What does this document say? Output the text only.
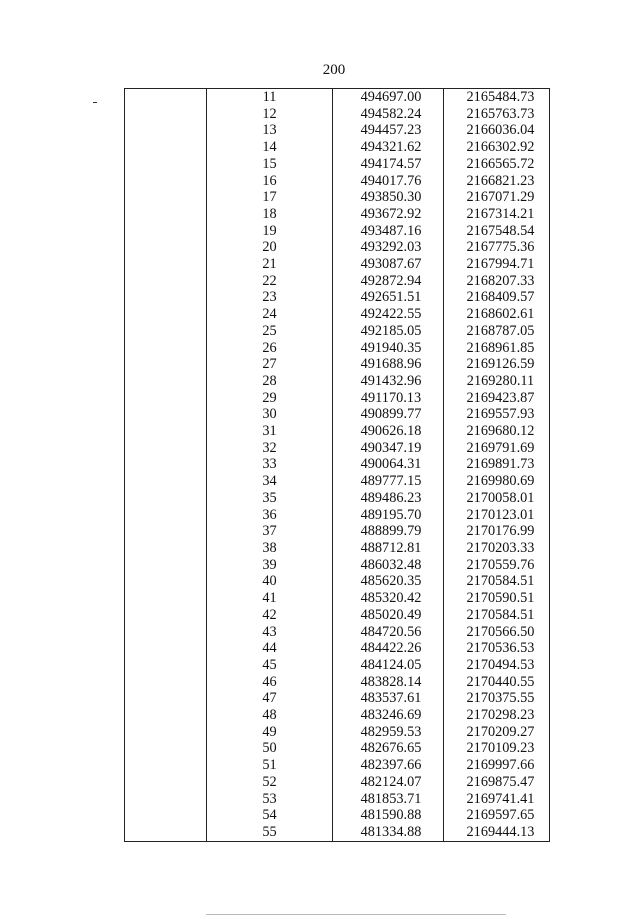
200
	11	494697.00	2165484.73
	12	494582.24	2165763.73
	13	494457.23	2166036.04
	14	494321.62	2166302.92
	15	494174.57	2166565.72
	16	494017.76	2166821.23
	17	493850.30	2167071.29
	18	493672.92	2167314.21
	19	493487.16	2167548.54
	20	493292.03	2167775.36
	21	493087.67	2167994.71
	22	492872.94	2168207.33
	23	492651.51	2168409.57
	24	492422.55	2168602.61
	25	492185.05	2168787.05
	26	491940.35	2168961.85
	27	491688.96	2169126.59
	28	491432.96	2169280.11
	29	491170.13	2169423.87
	30	490899.77	2169557.93
	31	490626.18	2169680.12
	32	490347.19	2169791.69
	33	490064.31	2169891.73
	34	489777.15	2169980.69
	35	489486.23	2170058.01
	36	489195.70	2170123.01
	37	488899.79	2170176.99
	38	488712.81	2170203.33
	39	486032.48	2170559.76
	40	485620.35	2170584.51
	41	485320.42	2170590.51
	42	485020.49	2170584.51
	43	484720.56	2170566.50
	44	484422.26	2170536.53
	45	484124.05	2170494.53
	46	483828.14	2170440.55
	47	483537.61	2170375.55
	48	483246.69	2170298.23
	49	482959.53	2170209.27
	50	482676.65	2170109.23
	51	482397.66	2169997.66
	52	482124.07	2169875.47
	53	481853.71	2169741.41
	54	481590.88	2169597.65
	55	481334.88	2169444.13
